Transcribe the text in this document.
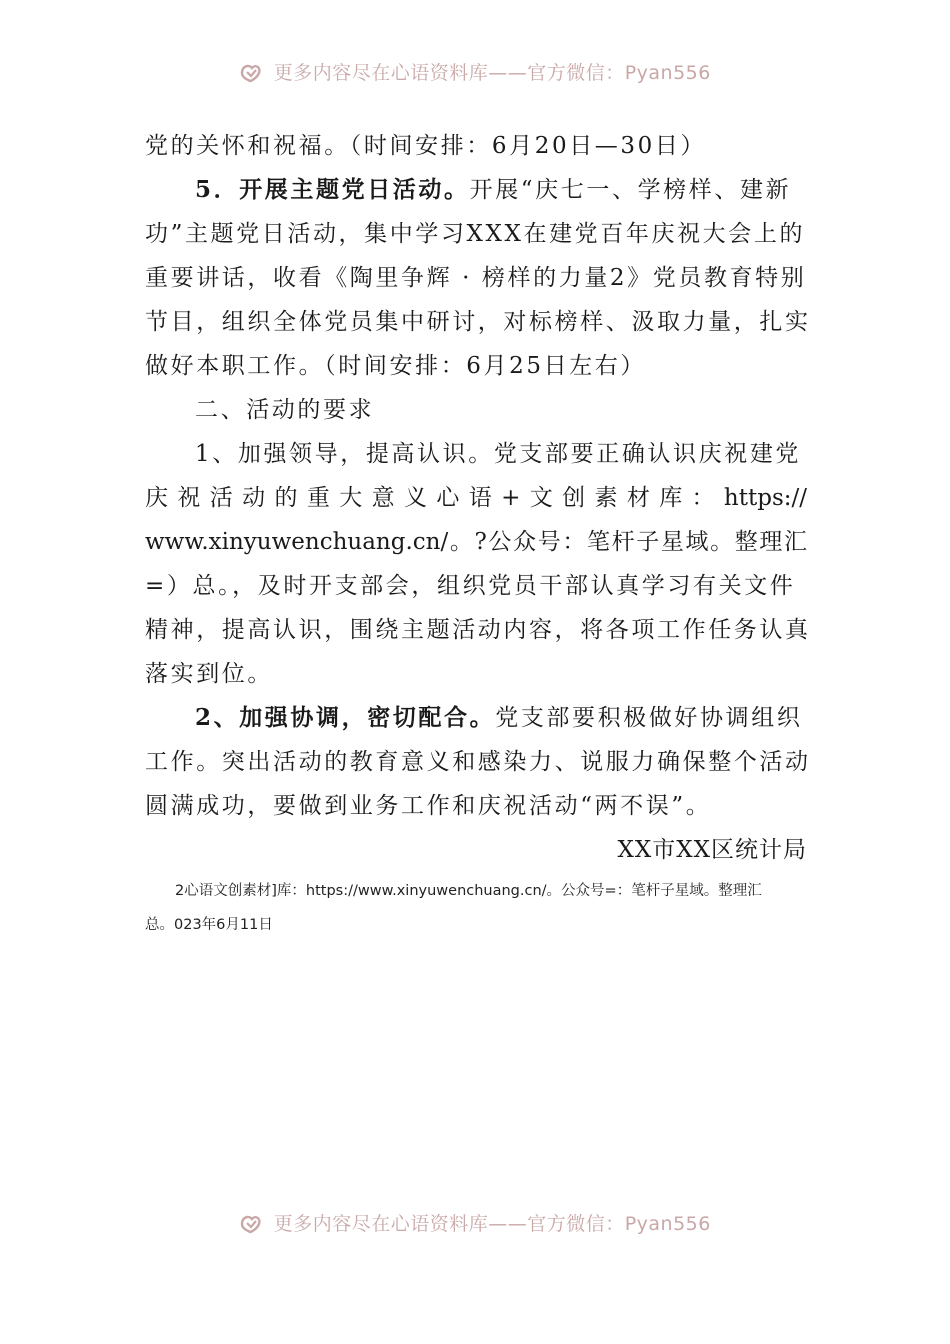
更多内容尽在心语资料库——官方微信：Pyan556
党的关怀和祝福。（时间安排：6月20日—30日）
5．开展主题党日活动。开展“庆七一、学榜样、建新
功”主题党日活动，集中学习XXX在建党百年庆祝大会上的
重要讲话，收看《陶里争辉 · 榜样的力量2》党员教育特别
节目，组织全体党员集中研讨，对标榜样、汲取力量，扎实
做好本职工作。（时间安排：6月25日左右）
二、活动的要求
1、加强领导，提高认识。党支部要正确认识庆祝建党
庆祝活动的重大意义心语+文创素材库：https://
www.xinyuwenchuang.cn/。?公众号：笔杆子星域。整理汇
=）总。，及时开支部会，组织党员干部认真学习有关文件
精神，提高认识，围绕主题活动内容，将各项工作任务认真
落实到位。
2、加强协调，密切配合。党支部要积极做好协调组织
工作。突出活动的教育意义和感染力、说服力确保整个活动
圆满成功，要做到业务工作和庆祝活动“两不误”。
XX市XX区统计局
2心语文创素材]库：https://www.xinyuwenchuang.cn/。公众号=：笔杆子星域。整理汇
总。023年6月11日
更多内容尽在心语资料库——官方微信：Pyan556
